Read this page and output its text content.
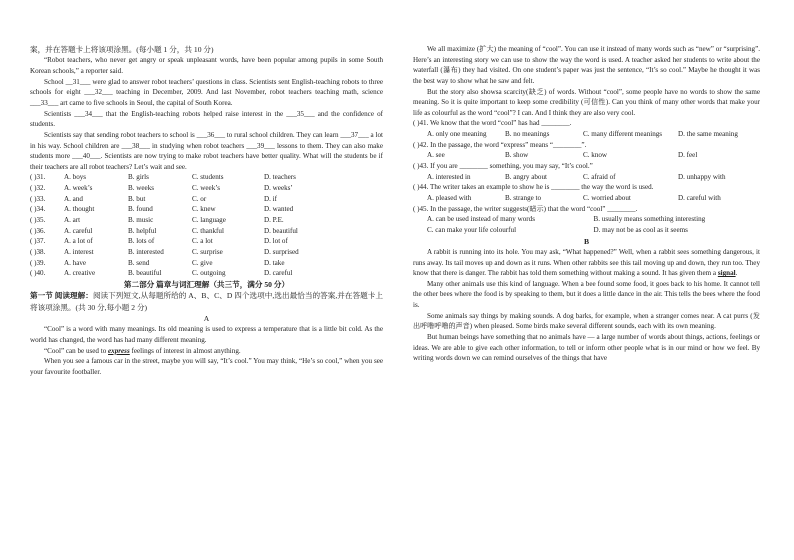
案，并在答题卡上将该项涂黑。(每小题 1 分，共 10 分)

“Robot teachers, who never get angry or speak unpleasant words, have been popular among pupils in some South Korean schools,” a reporter said.

School __31___ were glad to answer robot teachers’ questions in class. Scientists sent English-teaching robots to three schools for eight ___32___ teaching in December, 2009. And last November, robot teachers teaching math, science ___33___ art came to five schools in Seoul, the capital of South Korea.

Scientists ___34___ that the English-teaching robots helped raise interest in the ___35___ and the confidence of students.

Scientists say that sending robot teachers to school is ___36___ to rural school children. They can learn ___37___ a lot in his way. School children are ___38___ in studying when robot teachers ___39___ lessons to them. They can also make students more ___40___. Scientists are now trying to make robot teachers have better quality. What will the students be if their teachers are all robot teachers? Let’s wait and see.

( )31.	A. boys	B. girls	C. students	D. teachers
( )32.	A. week’s	B. weeks	C. week’s	D. weeks’
( )33.	A. and	B. but	C. or	D. if
( )34.	A. thought	B. found	C. knew	D. wanted
( )35.	A. art	B. music	C. language	D. P.E.
( )36.	A. careful	B. helpful	C. thankful	D. beautiful
( )37.	A. a lot of	B. lots of	C. a lot	D. lot of
( )38.	A. interest	B. interested	C. surprise	D. surprised
( )39.	A. have	B. send	C. give	D. take
( )40.	A. creative	B. beautiful	C. outgoing	D. careful

第二部分 篇章与词汇理解（共三节，满分 50 分）

第一节 阅读理解：阅读下列短文,从每题所给的 A、B、C、D 四个选项中,选出最恰当的答案,并在答题卡上将该项涂黑。(共 30 分,每小题 2 分)

A

“Cool” is a word with many meanings. Its old meaning is used to express a temperature that is a little bit cold. As the world has changed, the word has had many different meaning.

“Cool” can be used to express feelings of interest in almost anything.

When you see a famous car in the street, maybe you will say, “It’s cool.” You may think, “He’s so cool,” when you see your favourite footballer.

We all maximize (扩大) the meaning of “cool”. You can use it instead of many words such as “new” or “surprising”. Here’s an interesting story we can use to show the way the word is used. A teacher asked her students to write about the waterfall (瀑布) they had visited. On one student’s paper was just the sentence, “It’s so cool.” Maybe he thought it was the best way to show what he saw and felt.

But the story also showsa scarcity(缺乏) of words. Without “cool”, some people have no words to show the same meaning. So it is quite important to keep some credibility (可信性). Can you think of many other words that make your life as colourful as the word “cool”? I can. And I think they are also very cool.

( )41. We know that the word “cool” has had ________.

A. only one meaning	B. no meanings	C. many different meanings	D. the same meaning

( )42. In the passage, the word “express” means “________”.

A. see	B. show	C. know	D. feel

( )43. If you are ________ something, you may say, “It’s cool.”

A. interested in	B. angry about	C. afraid of	D. unhappy with

( )44. The writer takes an example to show he is ________ the way the word is used.

A. pleased with	B. strange to	C. worried about	D. careful with

( )45. In the passage, the writer suggests(暗示) that the word “cool” ________.

A. can be used instead of many words	B. usually means something interesting
C. can make your life colourful	D. may not be as cool as it seems

B

A rabbit is running into its hole. You may ask, “What happened?” Well, when a rabbit sees something dangerous, it runs away. Its tail moves up and down as it runs. When other rabbits see this tail moving up and down, they run too. They know that there is danger. The rabbit has told them something without making a sound. It has given them a signal.

Many other animals use this kind of language. When a bee found some food, it goes back to his home. It cannot tell the other bees where the food is by speaking to them, but it does a little dance in the air. This tells the bees where the food is.

Some animals say things by making sounds. A dog barks, for example, when a stranger comes near. A cat purrs (发出呼噜呼噜的声音) when pleased. Some birds make several different sounds, each with its own meaning.

But human beings have something that no animals have — a large number of words about things, actions, feelings or ideas. We are able to give each other information, to tell or inform other people what is in our mind or how we feel. By writing words down we can remind ourselves of the things that have
